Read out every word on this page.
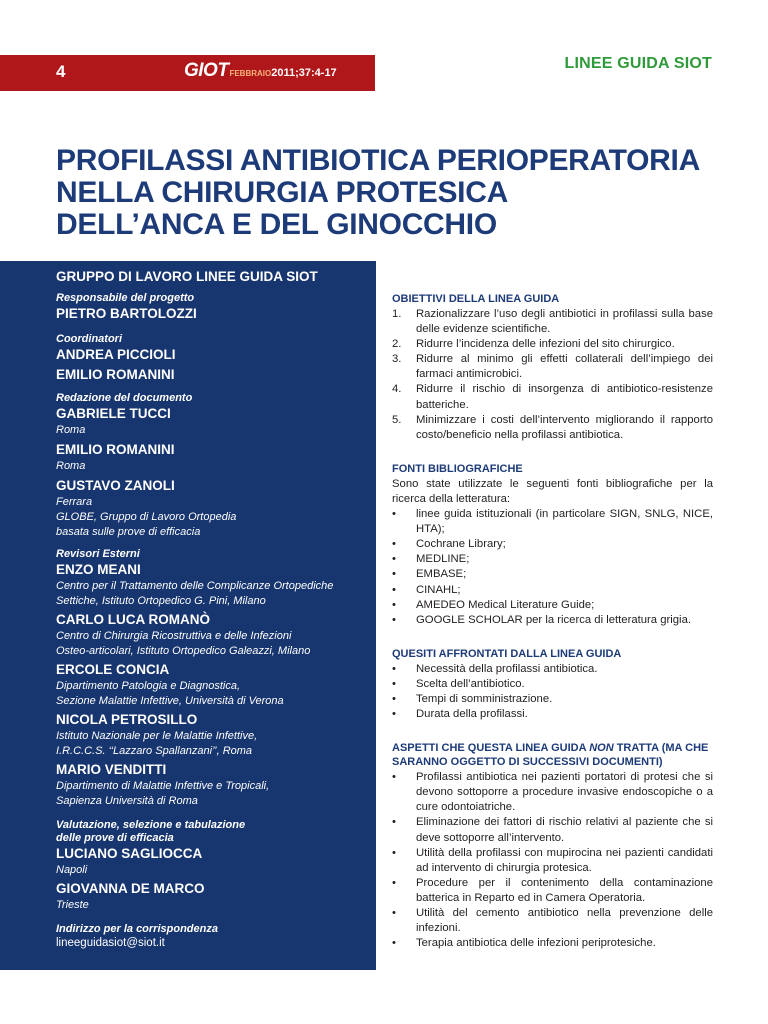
4	GIOTFEBBRAIO2011;37:4-17
LINEE GUIDA SIOT
PROFILASSI ANTIBIOTICA PERIOPERATORIA
NELLA CHIRURGIA PROTESICA
DELL’ANCA E DEL GINOCCHIO
GRUPPO DI LAVORO LINEE GUIDA SIOT
Responsabile del progetto
PIETRO BARTOLOZZI
Coordinatori
ANDREA PICCIOLI
EMILIO ROMANINI
Redazione del documento
GABRIELE TUCCI
Roma
EMILIO ROMANINI
Roma
GUSTAVO ZANOLI
Ferrara
GLOBE, Gruppo di Lavoro Ortopedia
basata sulle prove di efficacia
Revisori Esterni
ENZO MEANI
Centro per il Trattamento delle Complicanze Ortopediche
Settiche, Istituto Ortopedico G. Pini, Milano
CARLO LUCA ROMANÒ
Centro di Chirurgia Ricostruttiva e delle Infezioni
Osteo-articolari, Istituto Ortopedico Galeazzi, Milano
ERCOLE CONCIA
Dipartimento Patologia e Diagnostica,
Sezione Malattie Infettive, Università di Verona
NICOLA PETROSILLO
Istituto Nazionale per le Malattie Infettive,
I.R.C.C.S. ‘‘Lazzaro Spallanzani’’, Roma
MARIO VENDITTI
Dipartimento di Malattie Infettive e Tropicali,
Sapienza Università di Roma
Valutazione, selezione e tabulazione
delle prove di efficacia
LUCIANO SAGLIOCCA
Napoli
GIOVANNA DE MARCO
Trieste
Indirizzo per la corrispondenza
lineeguidasiot@siot.it
OBIETTIVI DELLA LINEA GUIDA
1. Razionalizzare l’uso degli antibiotici in profilassi sulla base delle evidenze scientifiche.
2. Ridurre l’incidenza delle infezioni del sito chirurgico.
3. Ridurre al minimo gli effetti collaterali dell’impiego dei farmaci antimicrobici.
4. Ridurre il rischio di insorgenza di antibiotico-resistenze batteriche.
5. Minimizzare i costi dell’intervento migliorando il rapporto costo/beneficio nella profilassi antibiotica.
FONTI BIBLIOGRAFICHE

Sono state utilizzate le seguenti fonti bibliografiche per la ricerca della letteratura:

• linee guida istituzionali (in particolare SIGN, SNLG, NICE, HTA);
• Cochrane Library;
• MEDLINE;
• EMBASE;
• CINAHL;
• AMEDEO Medical Literature Guide;
• GOOGLE SCHOLAR per la ricerca di letteratura grigia.
QUESITI AFFRONTATI DALLA LINEA GUIDA
• Necessità della profilassi antibiotica.
• Scelta dell’antibiotico.
• Tempi di somministrazione.
• Durata della profilassi.
ASPETTI CHE QUESTA LINEA GUIDA NON TRATTA (MA CHE SARANNO OGGETTO DI SUCCESSIVI DOCUMENTI)
• Profilassi antibiotica nei pazienti portatori di protesi che si devono sottoporre a procedure invasive endoscopiche o a cure odontoiatriche.
• Eliminazione dei fattori di rischio relativi al paziente che si deve sottoporre all’intervento.
• Utilità della profilassi con mupirocina nei pazienti candidati ad intervento di chirurgia protesica.
• Procedure per il contenimento della contaminazione batterica in Reparto ed in Camera Operatoria.
• Utilità del cemento antibiotico nella prevenzione delle infezioni.
• Terapia antibiotica delle infezioni periprotesiche.
